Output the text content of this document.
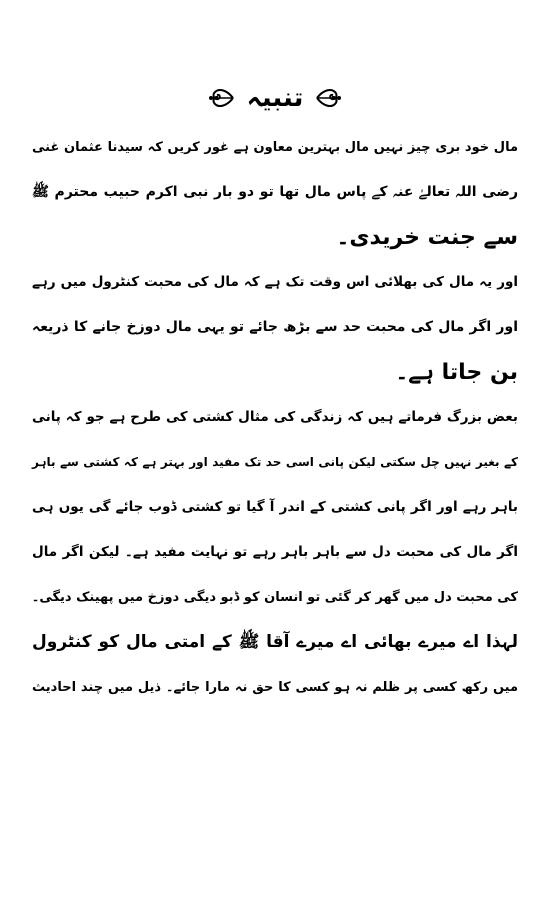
تنبیہ
مال خود بری چیز نہیں مال بہترین معاون ہے غور کریں کہ سیدنا عثمان غنی
رضی اللہ تعالےٰ عنہ کے پاس مال تھا تو دو بار نبی اکرم حبیب محترم ﷺ
سے جنت خریدی۔
اور یہ مال کی بھلائی اس وقت تک ہے کہ مال کی محبت کنٹرول میں رہے
اور اگر مال کی محبت حد سے بڑھ جائے تو یہی مال دوزخ جانے کا ذریعہ
بن جاتا ہے۔
بعض بزرگ فرماتے ہیں کہ زندگی کی مثال کشتی کی طرح ہے جو کہ پانی
کے بغیر نہیں چل سکتی لیکن پانی اسی حد تک مفید اور بہتر ہے کہ کشتی سے باہر
باہر رہے اور اگر پانی کشتی کے اندر آ گیا تو کشتی ڈوب جائے گی یوں ہی
اگر مال کی محبت دل سے باہر باہر رہے تو نہایت مفید ہے۔ لیکن اگر مال
کی محبت دل میں گھر کر گئی تو انسان کو ڈبو دیگی دوزخ میں پھینک دیگی۔
لہذا اے میرے بھائی اے میرے آقا ﷺ کے امتی مال کو کنٹرول
میں رکھ کسی پر ظلم نہ ہو کسی کا حق نہ مارا جائے۔ ذیل میں چند احادیث
